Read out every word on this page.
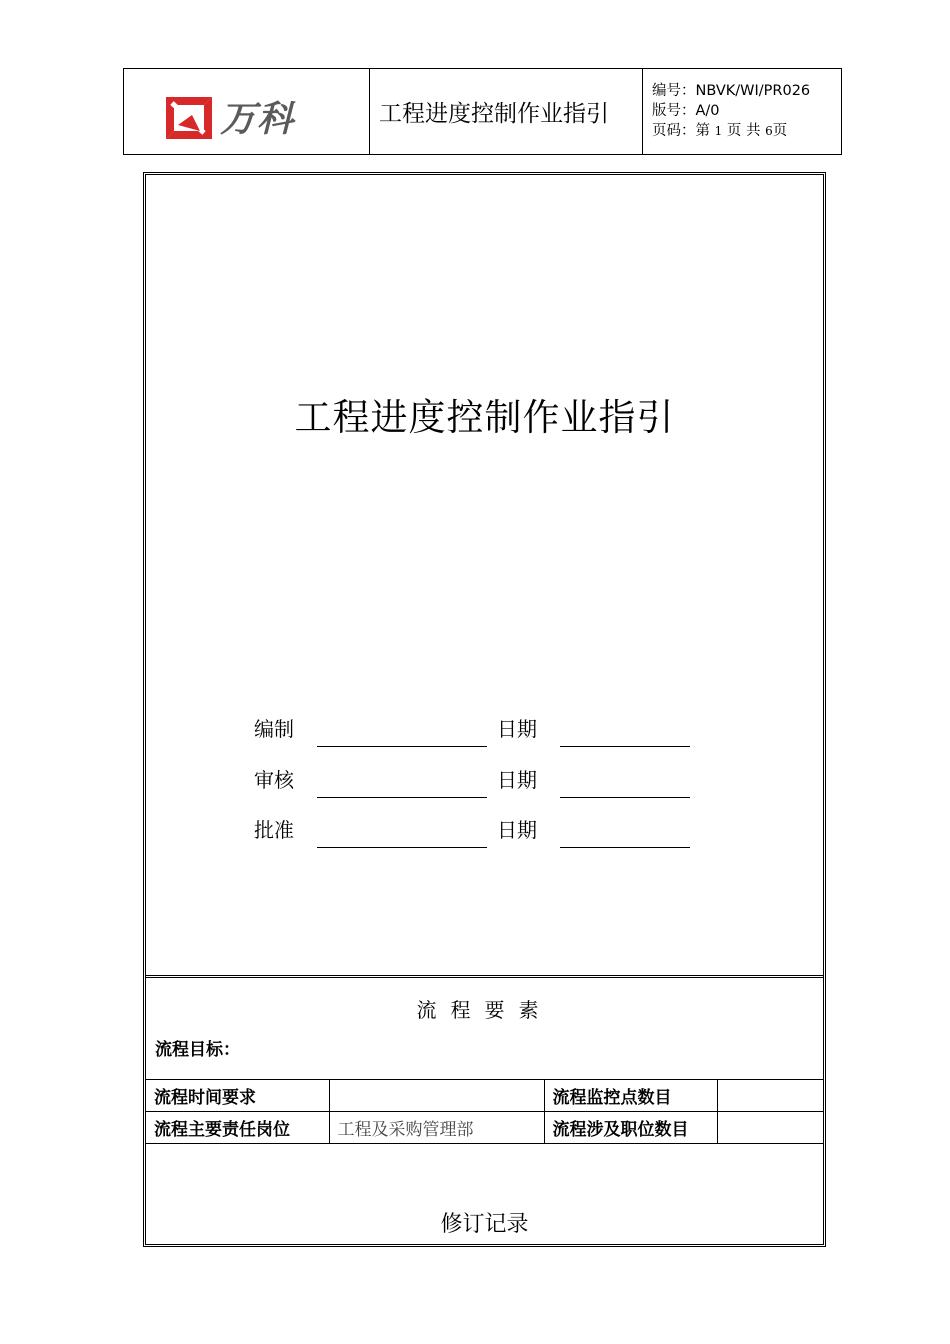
万科	工程进度控制作业指引
编号：NBVK/WI/PR026
版号：A/0
页码：第 1 页 共 6页
工程进度控制作业指引
编制	日期
审核	日期
批准	日期
流程要素
流程目标：
流程时间要求		流程监控点数目	
流程主要责任岗位	工程及采购管理部	流程涉及职位数目	
修订记录
